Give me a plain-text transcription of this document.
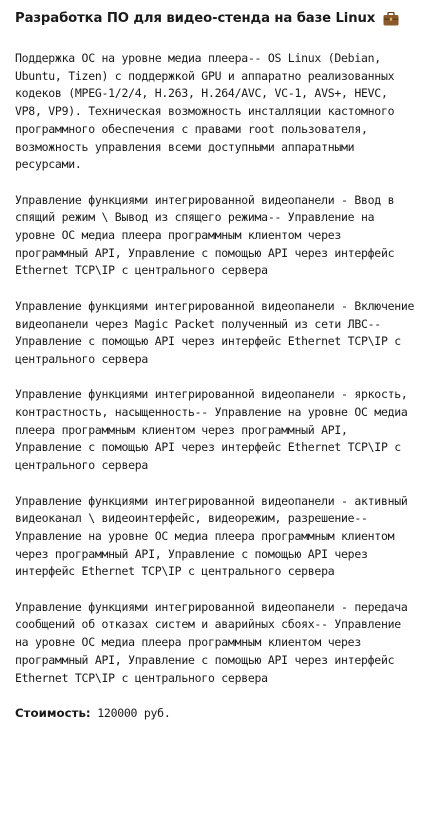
Разработка ПО для видео-стенда на базе Linux

Поддержка ОС на уровне медиа плеера-- OS Linux (Debian, Ubuntu, Tizen) с поддержкой GPU и аппаратно реализованных кодеков (MPEG-1/2/4, H.263, H.264/AVC, VC-1, AVS+, HEVC, VP8, VP9). Техническая возможность инсталляции кастомного программного обеспечения с правами root пользователя, возможность управления всеми доступными аппаратными ресурсами.

Управление функциями интегрированной видеопанели - Ввод в спящий режим \ Вывод из спящего режима-- Управление на уровне ОС медиа плеера программным клиентом через программный API, Управление с помощью API через интерфейс Ethernet TCP\IP с центрального сервера

Управление функциями интегрированной видеопанели - Включение видеопанели через Magic Packet полученный из сети ЛВС-- Управление с помощью API через интерфейс Ethernet TCP\IP с центрального сервера

Управление функциями интегрированной видеопанели - яркость, контрастность, насыщенность-- Управление на уровне ОС медиа плеера программным клиентом через программный API, Управление с помощью API через интерфейс Ethernet TCP\IP с центрального сервера

Управление функциями интегрированной видеопанели - активный видеоканал \ видеоинтерфейс, видеорежим, разрешение-- Управление на уровне ОС медиа плеера программным клиентом через программный API, Управление с помощью API через интерфейс Ethernet TCP\IP с центрального сервера

Управление функциями интегрированной видеопанели - передача сообщений об отказах систем и аварийных сбоях-- Управление на уровне ОС медиа плеера программным клиентом через программный API, Управление с помощью API через интерфейс Ethernet TCP\IP с центрального сервера

Стоимость: 120000 руб.
